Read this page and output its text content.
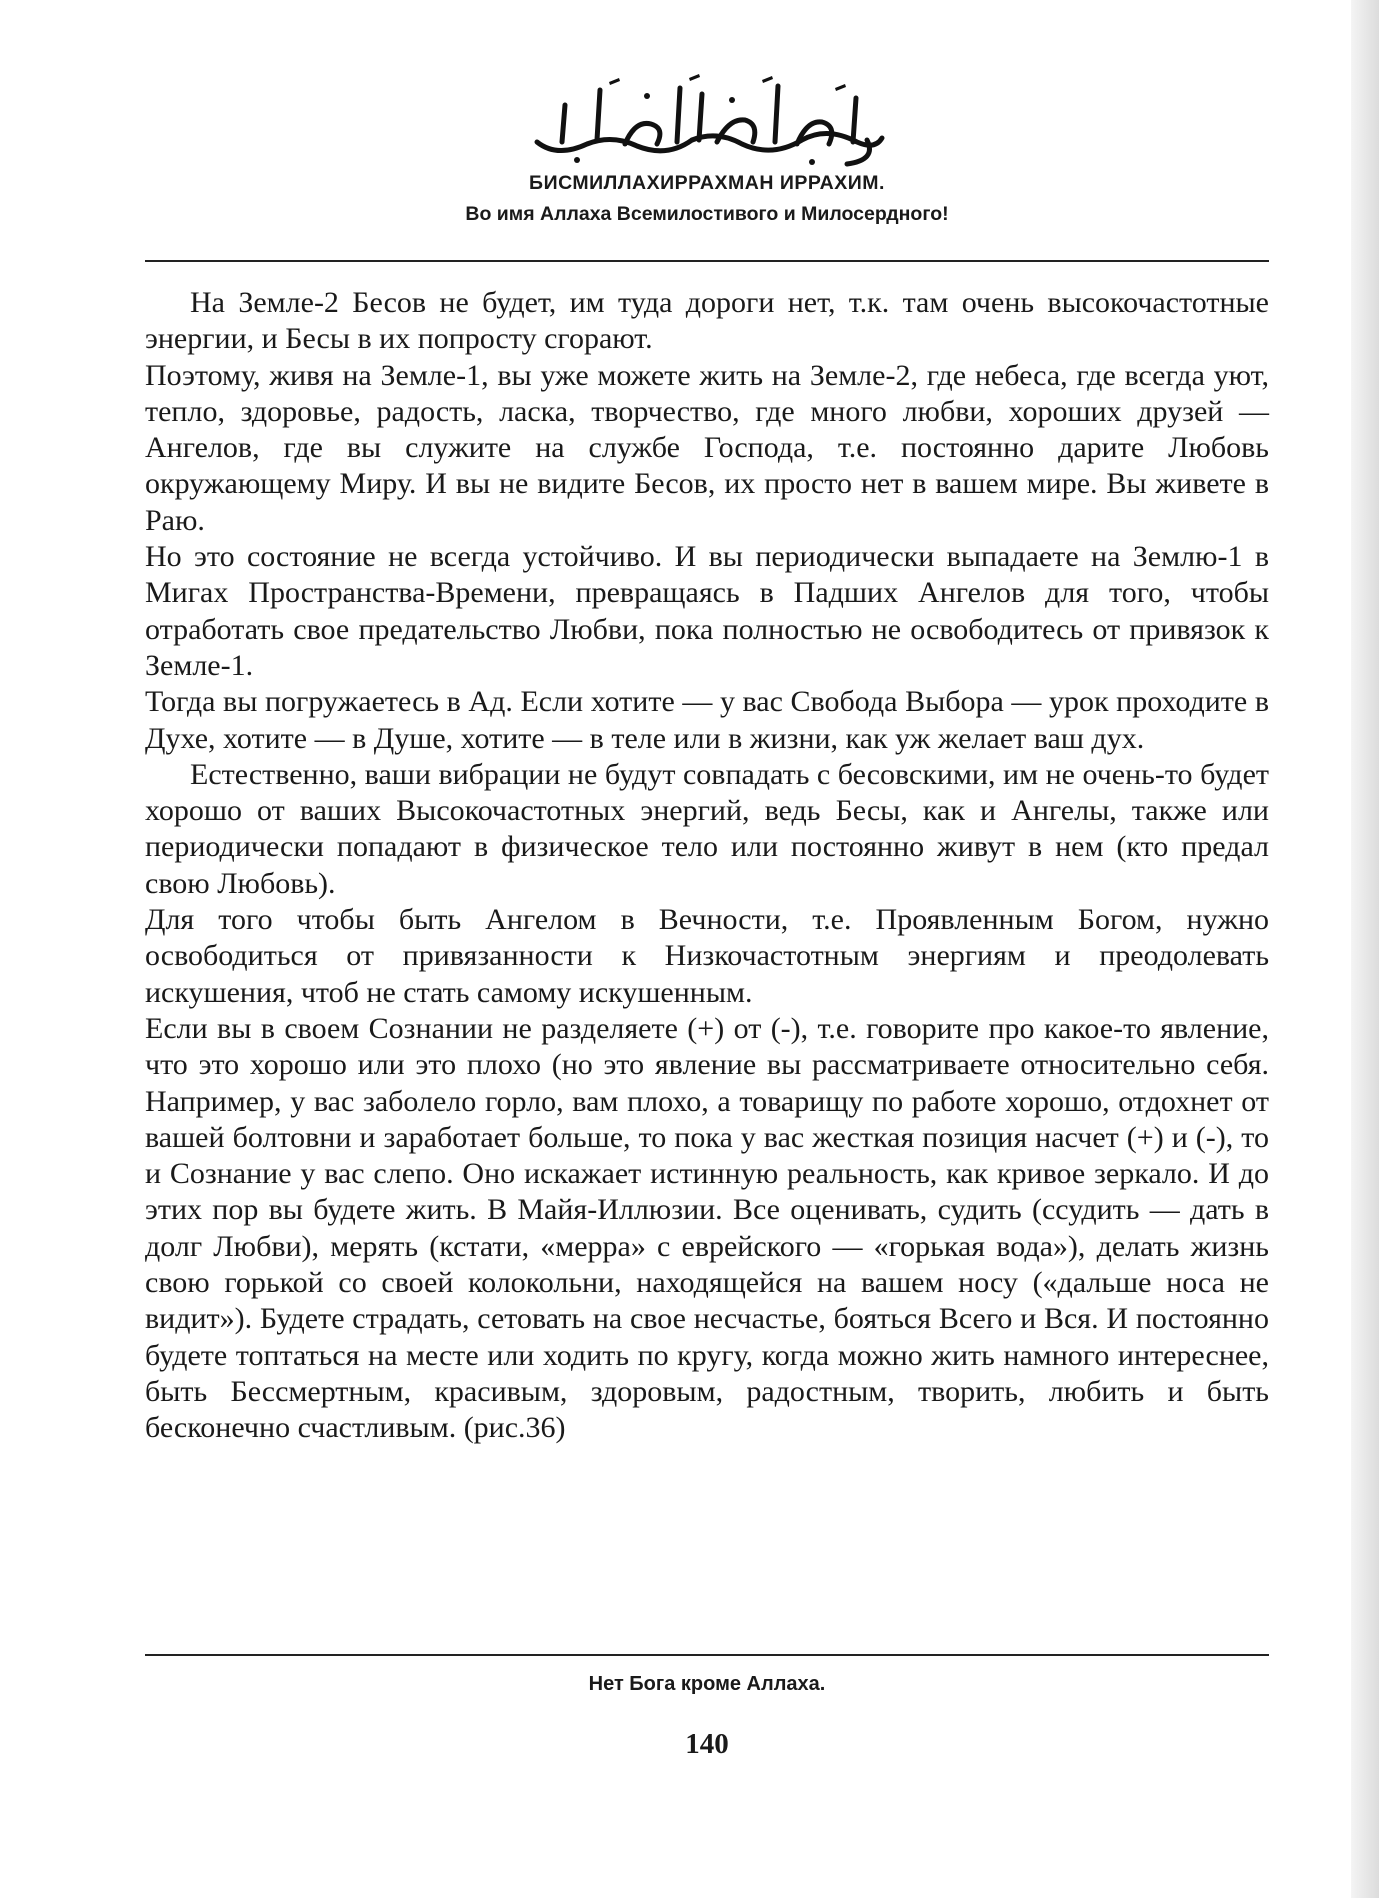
БИСМИЛЛАХИРРАХМАН ИРРАХИМ.
Во имя Аллаха Всемилостивого и Милосердного!

На Земле-2 Бесов не будет, им туда дороги нет, т.к. там очень высокочастотные энергии, и Бесы в их попросту сгорают.

Поэтому, живя на Земле-1, вы уже можете жить на Земле-2, где небеса, где всегда уют, тепло, здоровье, радость, ласка, творчество, где много любви, хороших друзей — Ангелов, где вы служите на службе Господа, т.е. постоянно дарите Любовь окружающему Миру. И вы не видите Бесов, их просто нет в вашем мире. Вы живете в Раю.

Но это состояние не всегда устойчиво. И вы периодически выпадаете на Землю-1 в Мигах Пространства-Времени, превращаясь в Падших Ангелов для того, чтобы отработать свое предательство Любви, пока полностью не освободитесь от привязок к Земле-1.

Тогда вы погружаетесь в Ад. Если хотите — у вас Свобода Выбора — урок проходите в Духе, хотите — в Душе, хотите — в теле или в жизни, как уж желает ваш дух.

Естественно, ваши вибрации не будут совпадать с бесовскими, им не очень-то будет хорошо от ваших Высокочастотных энергий, ведь Бесы, как и Ангелы, также или периодически попадают в физическое тело или постоянно живут в нем (кто предал свою Любовь).

Для того чтобы быть Ангелом в Вечности, т.е. Проявленным Богом, нужно освободиться от привязанности к Низкочастотным энергиям и преодолевать искушения, чтоб не стать самому искушенным.

Если вы в своем Сознании не разделяете (+) от (-), т.е. говорите про какое-то явление, что это хорошо или это плохо (но это явление вы рассматриваете относительно себя. Например, у вас заболело горло, вам плохо, а товарищу по работе хорошо, отдохнет от вашей болтовни и заработает больше, то пока у вас жесткая позиция насчет (+) и (-), то и Сознание у вас слепо. Оно искажает истинную реальность, как кривое зеркало. И до этих пор вы будете жить. В Майя-Иллюзии. Все оценивать, судить (ссудить — дать в долг Любви), мерять (кстати, «мерра» с еврейского — «горькая вода»), делать жизнь свою горькой со своей колокольни, находящейся на вашем носу («дальше носа не видит»). Будете страдать, сетовать на свое несчастье, бояться Всего и Вся. И постоянно будете топтаться на месте или ходить по кругу, когда можно жить намного интереснее, быть Бессмертным, красивым, здоровым, радостным, творить, любить и быть бесконечно счастливым. (рис.36)

Нет Бога кроме Аллаха.
140
